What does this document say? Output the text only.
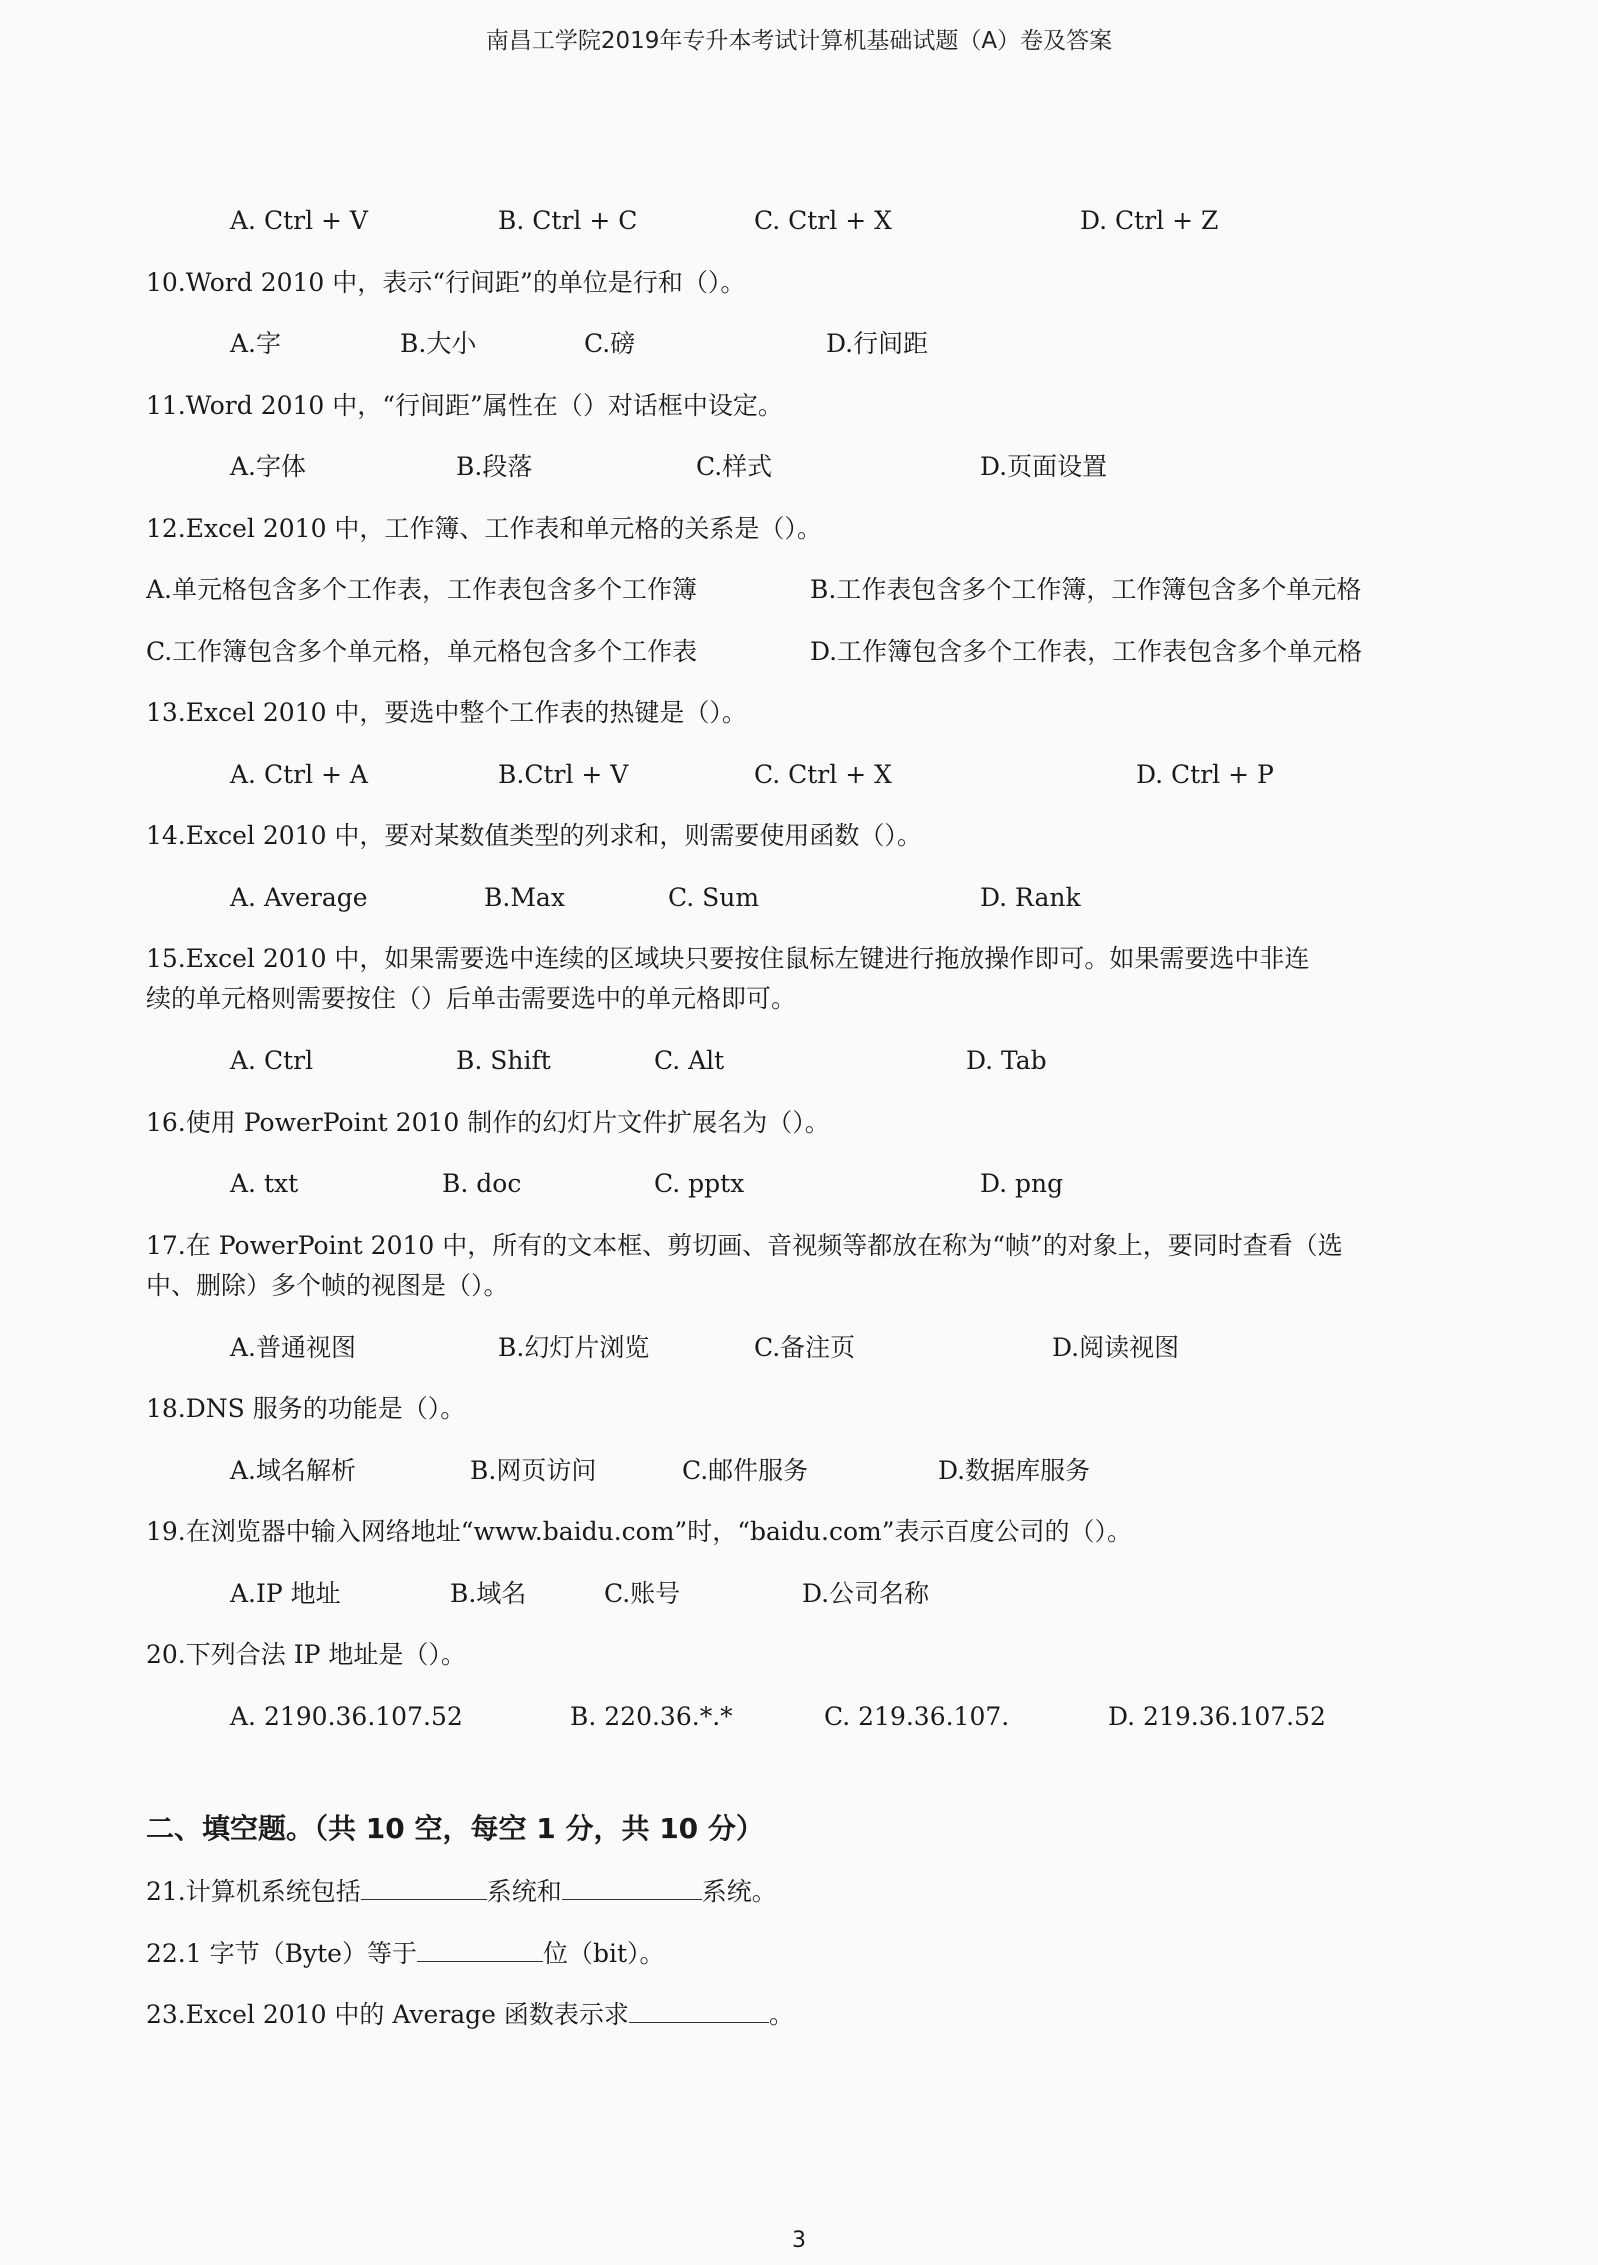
南昌工学院2019年专升本考试计算机基础试题（A）卷及答案
A. Ctrl + V	B. Ctrl + C	C. Ctrl + X	D. Ctrl + Z
10.Word 2010 中，表示“行间距”的单位是行和（）。
A.字	B.大小	C.磅	D.行间距
11.Word 2010 中，“行间距”属性在（）对话框中设定。
A.字体	B.段落	C.样式	D.页面设置
12.Excel 2010 中，工作簿、工作表和单元格的关系是（）。
A.单元格包含多个工作表，工作表包含多个工作簿	B.工作表包含多个工作簿，工作簿包含多个单元格
C.工作簿包含多个单元格，单元格包含多个工作表	D.工作簿包含多个工作表，工作表包含多个单元格
13.Excel 2010 中，要选中整个工作表的热键是（）。
A. Ctrl + A	B.Ctrl + V	C. Ctrl + X	D. Ctrl + P
14.Excel 2010 中，要对某数值类型的列求和，则需要使用函数（）。
A. Average	B.Max	C. Sum	D. Rank
15.Excel 2010 中，如果需要选中连续的区域块只要按住鼠标左键进行拖放操作即可。如果需要选中非连
续的单元格则需要按住（）后单击需要选中的单元格即可。
A. Ctrl	B. Shift	C. Alt	D. Tab
16.使用 PowerPoint 2010 制作的幻灯片文件扩展名为（）。
A. txt	B. doc	C. pptx	D. png
17.在 PowerPoint 2010 中，所有的文本框、剪切画、音视频等都放在称为“帧”的对象上，要同时查看（选
中、删除）多个帧的视图是（）。
A.普通视图	B.幻灯片浏览	C.备注页	D.阅读视图
18.DNS 服务的功能是（）。
A.域名解析	B.网页访问	C.邮件服务	D.数据库服务
19.在浏览器中输入网络地址“www.baidu.com”时，“baidu.com”表示百度公司的（）。
A.IP 地址	B.域名	C.账号	D.公司名称
20.下列合法 IP 地址是（）。
A. 2190.36.107.52	B. 220.36.*.*	C. 219.36.107.	D. 219.36.107.52
二、填空题。（共 10 空，每空 1 分，共 10 分）
21.计算机系统包括	系统和	系统。
22.1 字节（Byte）等于	位（bit）。
23.Excel 2010 中的 Average 函数表示求	。
3
